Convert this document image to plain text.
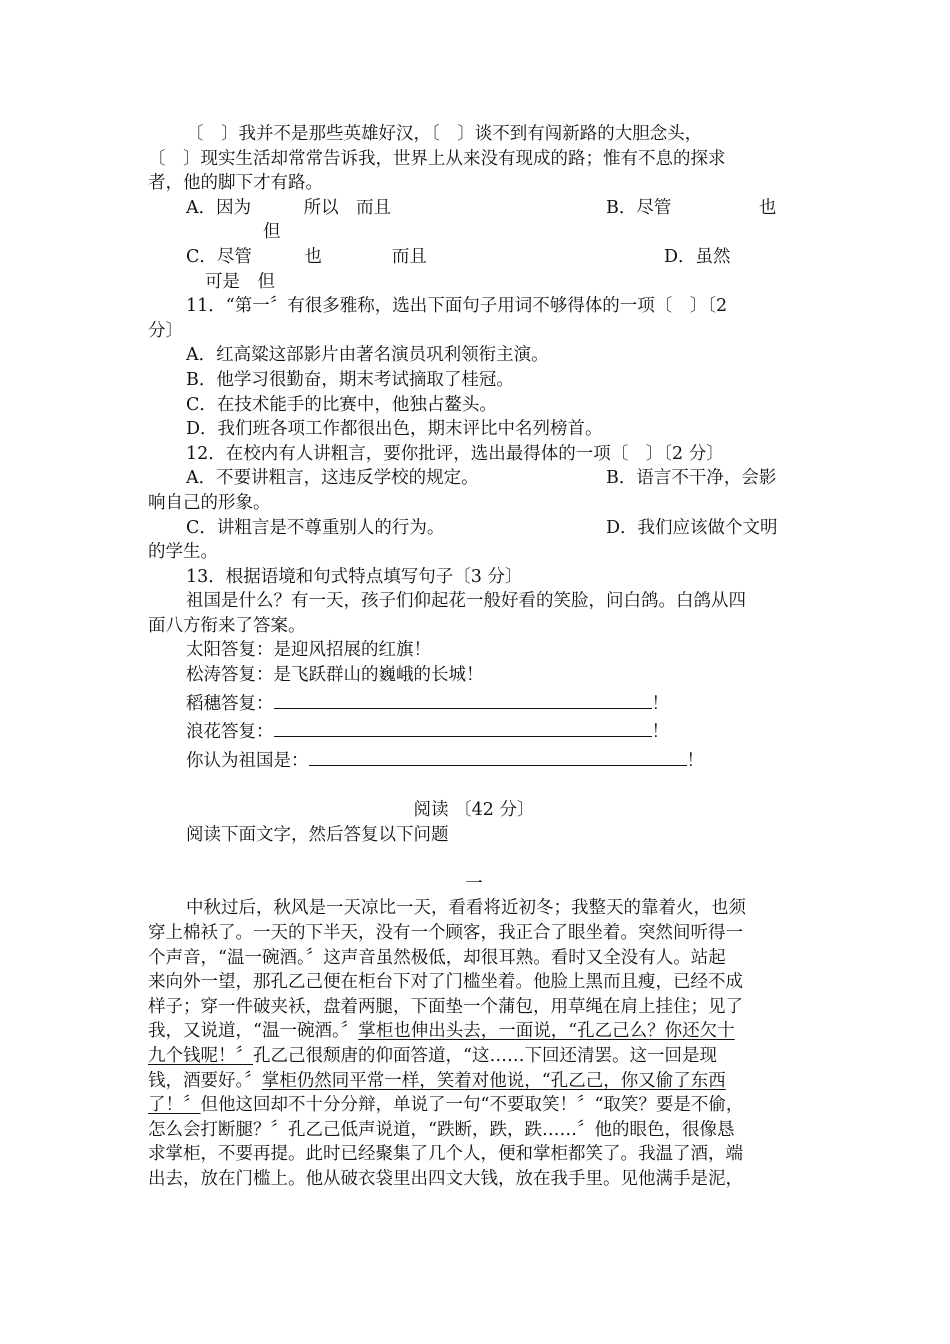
〔　〕我并不是那些英雄好汉，〔　〕谈不到有闯新路的大胆念头，

〔　〕现实生活却常常告诉我，世界上从来没有现成的路；惟有不息的探求

者，他的脚下才有路。

A．因为　　　所以　而且	B．尽管　　　　　也

但

C．尽管　　　也　　　　而且	D．虽然

可是　但

11．“第一〞有很多雅称，选出下面句子用词不够得体的一项〔　〕〔2

分〕

A．红高粱这部影片由著名演员巩利领衔主演。

B．他学习很勤奋，期末考试摘取了桂冠。

C．在技术能手的比赛中，他独占鳌头。

D．我们班各项工作都很出色，期末评比中名列榜首。

12．在校内有人讲粗言，要你批评，选出最得体的一项〔　〕〔2 分〕

A．不要讲粗言，这违反学校的规定。	B．语言不干净，会影

响自己的形象。

C．讲粗言是不尊重别人的行为。	D．我们应该做个文明

的学生。

13．根据语境和句式特点填写句子〔3 分〕

祖国是什么？有一天，孩子们仰起花一般好看的笑脸，问白鸽。白鸽从四

面八方衔来了答案。

太阳答复：是迎风招展的红旗！

松涛答复：是飞跃群山的巍峨的长城！

稻穗答复：	！

浪花答复：	！

你认为祖国是：	！

阅读 〔42 分〕

阅读下面文字，然后答复以下问题

一

中秋过后，秋风是一天凉比一天，看看将近初冬；我整天的靠着火，也须

穿上棉袄了。一天的下半天，没有一个顾客，我正合了眼坐着。突然间听得一

个声音，“温一碗酒。〞这声音虽然极低，却很耳熟。看时又全没有人。站起

来向外一望，那孔乙己便在柜台下对了门槛坐着。他脸上黑而且瘦，已经不成

样子；穿一件破夹袄，盘着两腿，下面垫一个蒲包，用草绳在肩上挂住；见了

我，又说道，“温一碗酒。〞掌柜也伸出头去，一面说，“孔乙己么？你还欠十

九个钱呢！〞孔乙己很颓唐的仰面答道，“这……下回还清罢。这一回是现

钱，酒要好。〞掌柜仍然同平常一样，笑着对他说，“孔乙己，你又偷了东西

了！〞但他这回却不十分分辩，单说了一句“不要取笑！〞“取笑？要是不偷，

怎么会打断腿？〞孔乙己低声说道，“跌断，跌，跌……〞他的眼色，很像恳

求掌柜，不要再提。此时已经聚集了几个人，便和掌柜都笑了。我温了酒，端

出去，放在门槛上。他从破衣袋里出四文大钱，放在我手里。见他满手是泥，
